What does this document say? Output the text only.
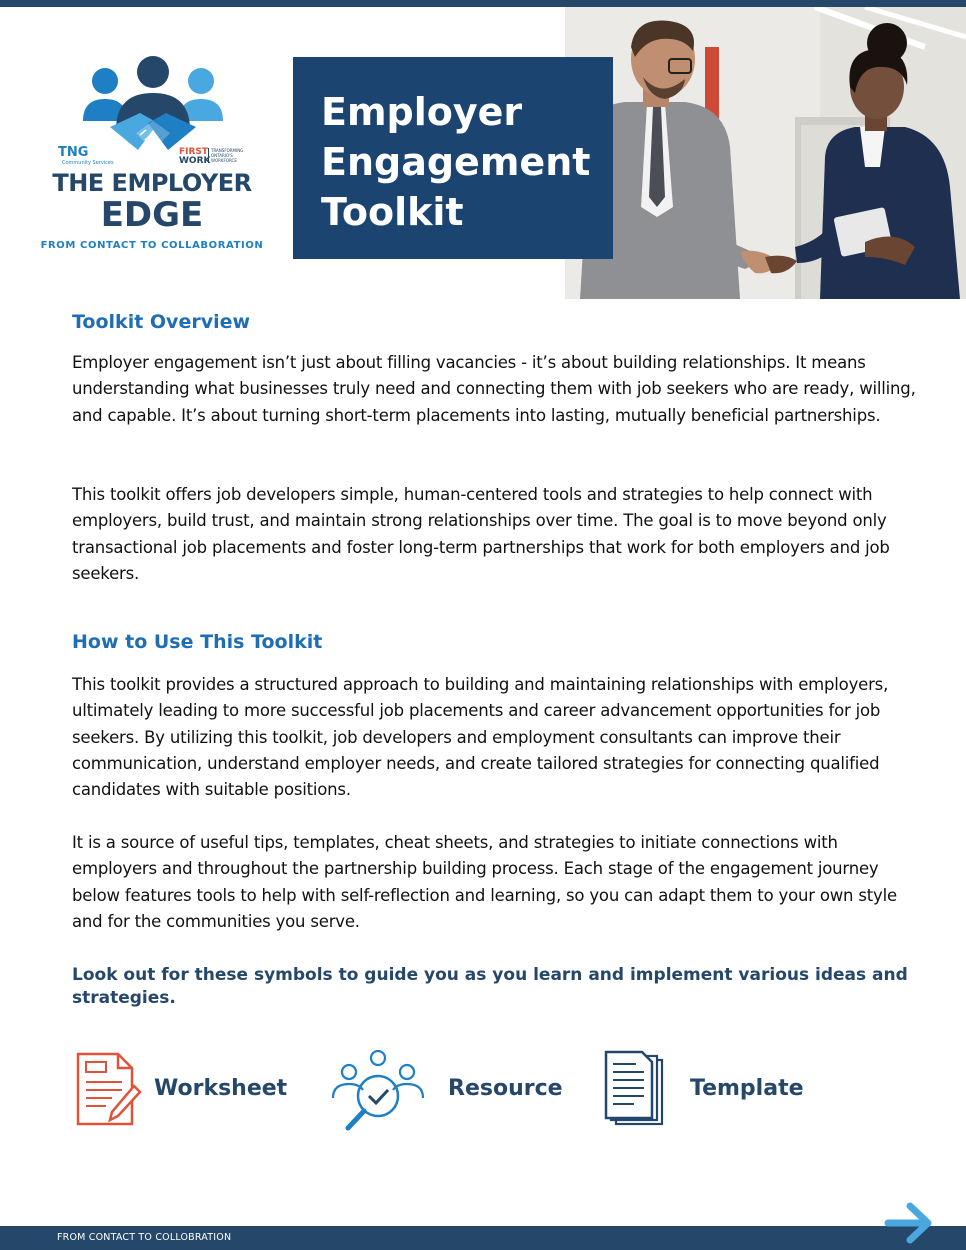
TNG
Community Services
FIRST
WORK
TRANSFORMING ONTARIO'S WORKFORCE
THE EMPLOYER
EDGE
FROM CONTACT TO COLLABORATION
Employer
Engagement
Toolkit
Toolkit Overview
Employer engagement isn’t just about filling vacancies - it’s about building relationships. It means understanding what businesses truly need and connecting them with job seekers who are ready, willing, and capable. It’s about turning short-term placements into lasting, mutually beneficial partnerships.
This toolkit offers job developers simple, human-centered tools and strategies to help connect with employers, build trust, and maintain strong relationships over time. The goal is to move beyond only transactional job placements and foster long-term partnerships that work for both employers and job seekers.
How to Use This Toolkit
This toolkit provides a structured approach to building and maintaining relationships with employers, ultimately leading to more successful job placements and career advancement opportunities for job seekers. By utilizing this toolkit, job developers and employment consultants can improve their communication, understand employer needs, and create tailored strategies for connecting qualified candidates with suitable positions.
It is a source of useful tips, templates, cheat sheets, and strategies to initiate connections with employers and throughout the partnership building process. Each stage of the engagement journey below features tools to help with self-reflection and learning, so you can adapt them to your own style and for the communities you serve.
Look out for these symbols to guide you as you learn and implement various ideas and strategies.
Worksheet	Resource	Template
FROM CONTACT TO COLLOBRATION
